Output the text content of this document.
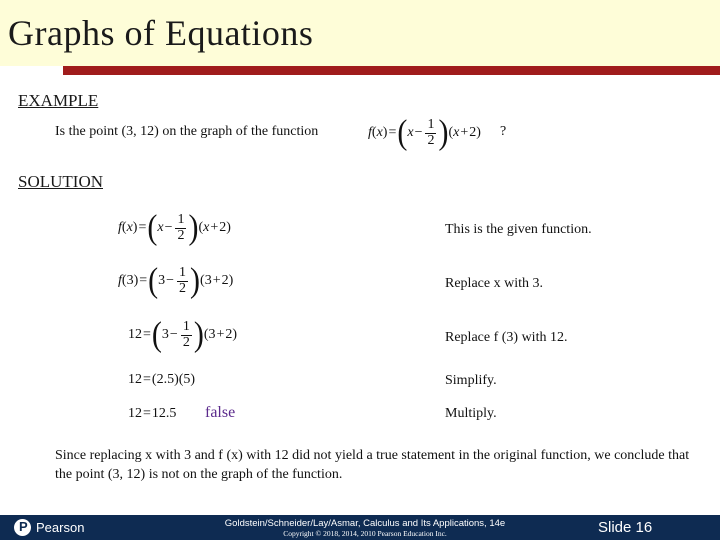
Graphs of Equations
EXAMPLE
Is the point (3, 12) on the graph of the function	f ( x ) = ( $x - \frac{1}{2}$ ) ( x + 2 ) ?
SOLUTION
f ( x ) = ( $x - \frac{1}{2}$ ) ( x + 2 )	This is the given function.
f ( 3 ) = ( $3 - \frac{1}{2}$ ) ( 3 + 2 )	Replace x with 3.
12 = ( $3 - \frac{1}{2}$ ) ( 3 + 2 )	Replace f (3) with 12.
12 = ( 2.5 ) ( 5 )	Simplify.
12 = 12.5 false	Multiply.
Since replacing x with 3 and f (x) with 12 did not yield a true statement in the original function, we conclude that the point (3, 12) is not on the graph of the function.
P Pearson	Goldstein/Schneider/Lay/Asmar, Calculus and Its Applications, 14e
Copyright © 2018, 2014, 2010 Pearson Education Inc.	Slide 16
